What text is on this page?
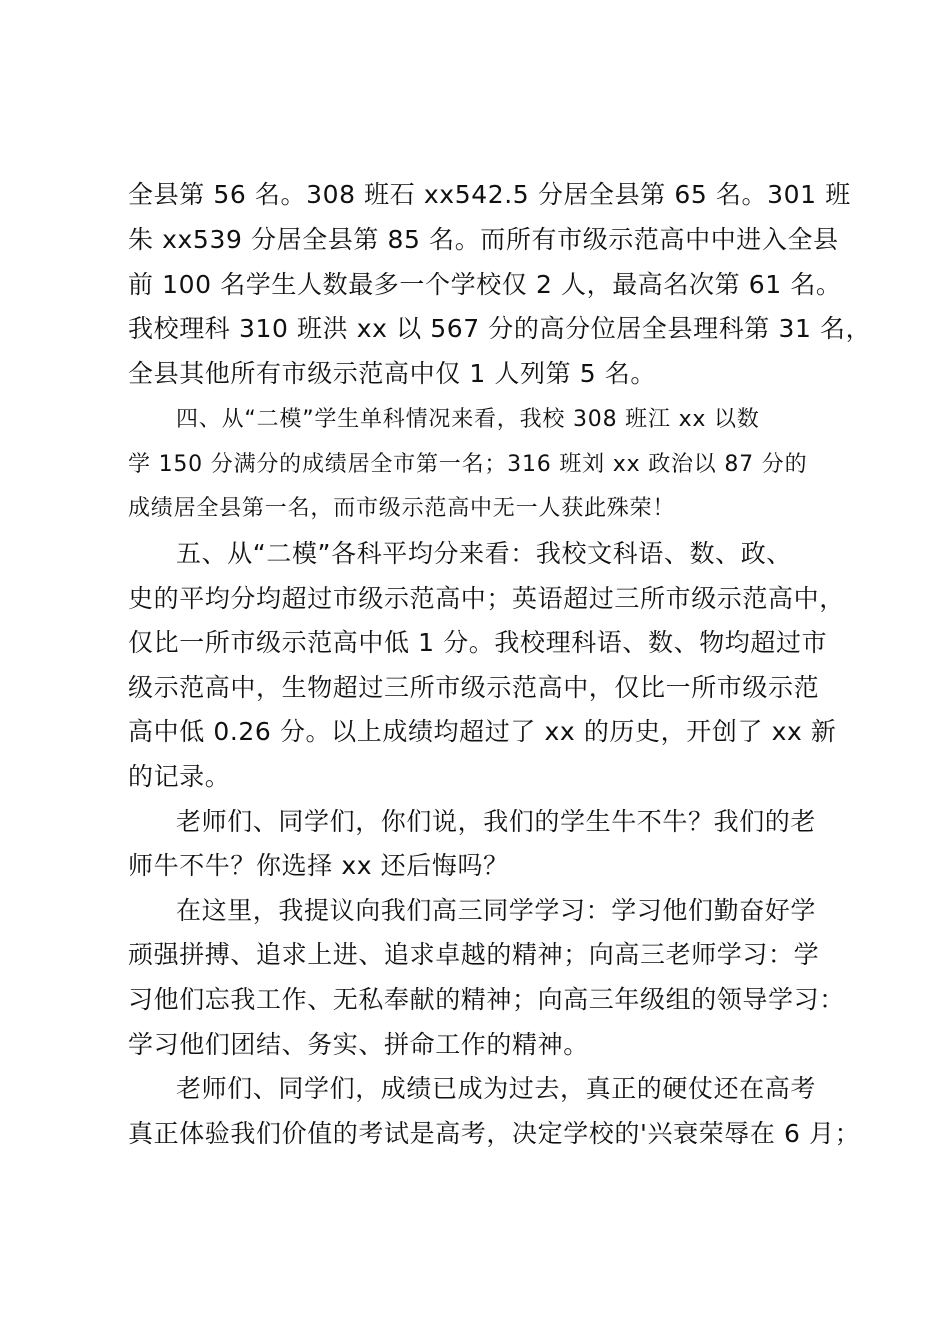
全县第 56 名。308 班石 xx542.5 分居全县第 65 名。301 班
朱 xx539 分居全县第 85 名。而所有市级示范高中中进入全县
前 100 名学生人数最多一个学校仅 2 人，最高名次第 61 名。
我校理科 310 班洪 xx 以 567 分的高分位居全县理科第 31 名，
全县其他所有市级示范高中仅 1 人列第 5 名。
四、从“二模”学生单科情况来看，我校 308 班江 xx 以数
学 150 分满分的成绩居全市第一名；316 班刘 xx 政治以 87 分的
成绩居全县第一名，而市级示范高中无一人获此殊荣！
五、从“二模”各科平均分来看：我校文科语、数、政、
史的平均分均超过市级示范高中；英语超过三所市级示范高中，
仅比一所市级示范高中低 1 分。我校理科语、数、物均超过市
级示范高中，生物超过三所市级示范高中，仅比一所市级示范
高中低 0.26 分。以上成绩均超过了 xx 的历史，开创了 xx 新
的记录。
老师们、同学们，你们说，我们的学生牛不牛？我们的老
师牛不牛？你选择 xx 还后悔吗？
在这里，我提议向我们高三同学学习：学习他们勤奋好学
顽强拼搏、追求上进、追求卓越的精神；向高三老师学习：学
习他们忘我工作、无私奉献的精神；向高三年级组的领导学习：
学习他们团结、务实、拼命工作的精神。
老师们、同学们，成绩已成为过去，真正的硬仗还在高考
真正体验我们价值的考试是高考，决定学校的'兴衰荣辱在 6 月；
